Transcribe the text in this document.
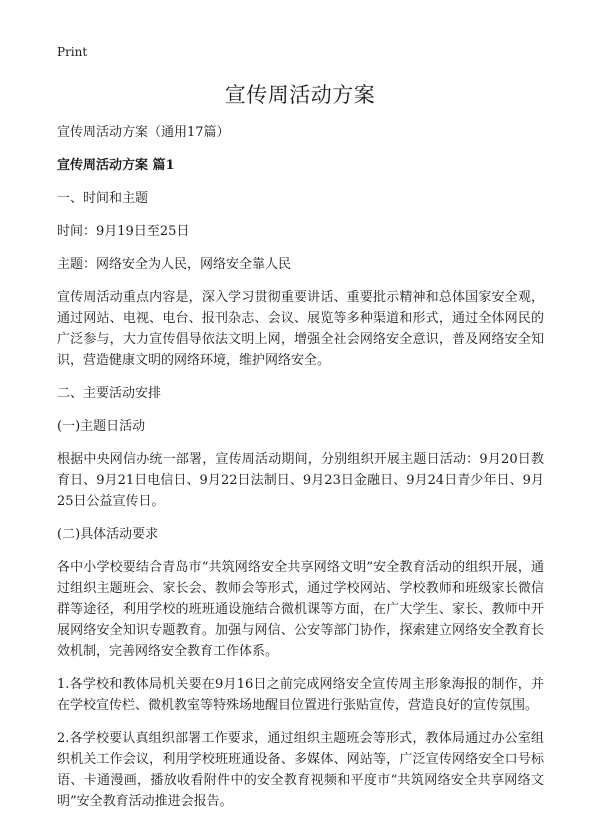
Print
宣传周活动方案

宣传周活动方案（通用17篇）

宣传周活动方案 篇1

一、时间和主题

时间：9月19日至25日

主题：网络安全为人民，网络安全靠人民

宣传周活动重点内容是，深入学习贯彻重要讲话、重要批示精神和总体国家安全观，通过网站、电视、电台、报刊杂志、会议、展览等多种渠道和形式，通过全体网民的广泛参与，大力宣传倡导依法文明上网，增强全社会网络安全意识，普及网络安全知识，营造健康文明的网络环境，维护网络安全。

二、主要活动安排

(一)主题日活动

根据中央网信办统一部署，宣传周活动期间，分别组织开展主题日活动：9月20日教育日、9月21日电信日、9月22日法制日、9月23日金融日、9月24日青少年日、9月25日公益宣传日。

(二)具体活动要求

各中小学校要结合青岛市“共筑网络安全共享网络文明”安全教育活动的组织开展，通过组织主题班会、家长会、教师会等形式，通过学校网站、学校教师和班级家长微信群等途径，利用学校的班班通设施结合微机课等方面，在广大学生、家长、教师中开展网络安全知识专题教育。加强与网信、公安等部门协作，探索建立网络安全教育长效机制，完善网络安全教育工作体系。

1.各学校和教体局机关要在9月16日之前完成网络安全宣传周主形象海报的制作，并在学校宣传栏、微机教室等特殊场地醒目位置进行张贴宣传，营造良好的宣传氛围。

2.各学校要认真组织部署工作要求，通过组织主题班会等形式，教体局通过办公室组织机关工作会议，利用学校班班通设备、多媒体、网站等，广泛宣传网络安全口号标语、卡通漫画，播放收看附件中的安全教育视频和平度市“共筑网络安全共享网络文明”安全教育活动推进会报告。
